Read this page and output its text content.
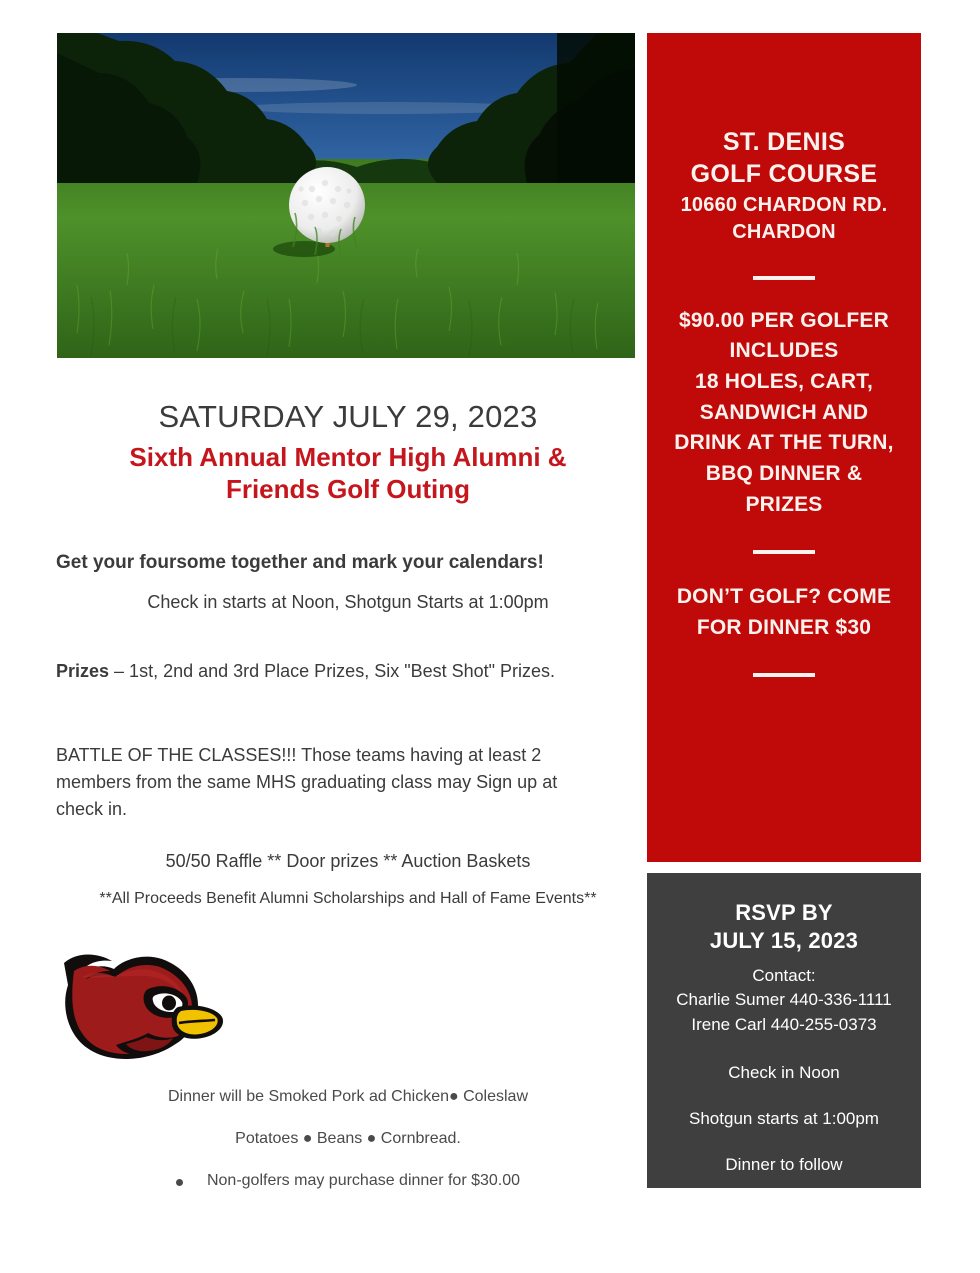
SATURDAY JULY 29, 2023
Sixth Annual Mentor High Alumni &
Friends Golf Outing

Get your foursome together and mark your calendars!

Check in starts at Noon, Shotgun Starts at 1:00pm

Prizes – 1st, 2nd and 3rd Place Prizes, Six "Best Shot" Prizes.

BATTLE OF THE CLASSES!!! Those teams having at least 2 members from the same MHS graduating class may Sign up at check in.

50/50 Raffle ** Door prizes ** Auction Baskets

**All Proceeds Benefit Alumni Scholarships and Hall of Fame Events**

Dinner will be Smoked Pork ad Chicken● Coleslaw

Potatoes ● Beans ● Cornbread.

Non-golfers may purchase dinner for $30.00
ST. DENIS
GOLF COURSE
10660 CHARDON RD.
CHARDON
$90.00 PER GOLFER
INCLUDES
18 HOLES, CART,
SANDWICH AND
DRINK AT THE TURN,
BBQ DINNER &
PRIZES
DON’T GOLF? COME
FOR DINNER $30
RSVP BY
JULY 15, 2023
Contact:
Charlie Sumer 440-336-1111
Irene Carl 440-255-0373
Check in Noon
Shotgun starts at 1:00pm
Dinner to follow
